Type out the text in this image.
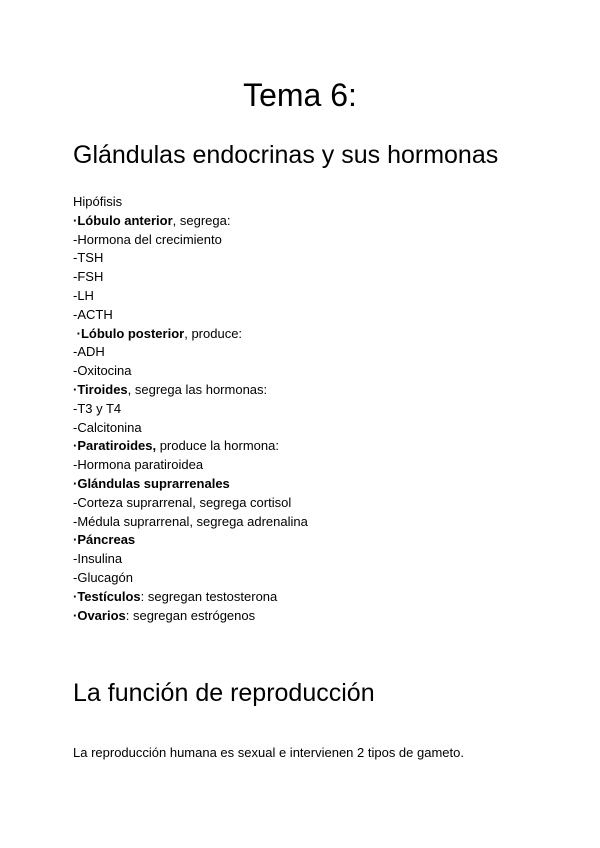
Tema 6:
Glándulas endocrinas y sus hormonas
Hipófisis
·Lóbulo anterior, segrega:
-Hormona del crecimiento
-TSH
-FSH
-LH
-ACTH
·Lóbulo posterior, produce:
-ADH
-Oxitocina
·Tiroides, segrega las hormonas:
-T3 y T4
-Calcitonina
·Paratiroides, produce la hormona:
-Hormona paratiroidea
·Glándulas suprarrenales
-Corteza suprarrenal, segrega cortisol
-Médula suprarrenal, segrega adrenalina
·Páncreas
-Insulina
-Glucagón
·Testículos: segregan testosterona
·Ovarios: segregan estrógenos
La función de reproducción
La reproducción humana es sexual e intervienen 2 tipos de gameto.
